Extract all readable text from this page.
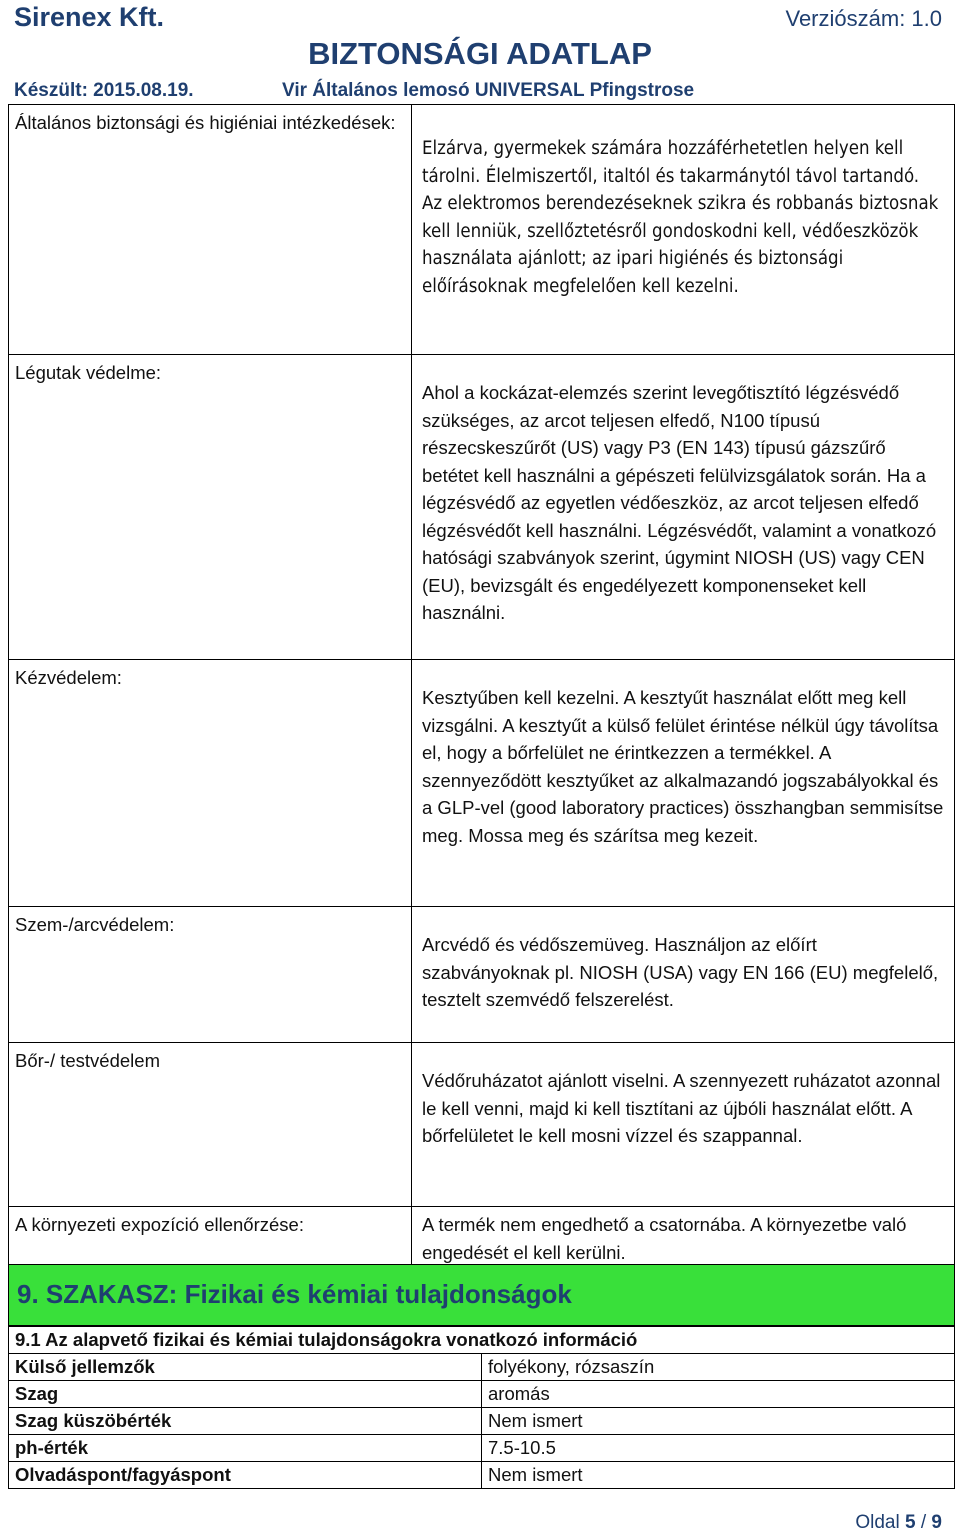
Sirenex Kft.	Verziószám: 1.0
BIZTONSÁGI ADATLAP
Készült: 2015.08.19.	Vir Általános lemosó UNIVERSAL Pfingstrose
Általános biztonsági és higiéniai intézkedések:	Elzárva, gyermekek számára hozzáférhetetlen helyen kell tárolni. Élelmiszertől, italtól és takarmánytól távol tartandó. Az elektromos berendezéseknek szikra és robbanás biztosnak kell lenniük, szellőztetésről gondoskodni kell, védőeszközök használata ajánlott; az ipari higiénés és biztonsági előírásoknak megfelelően kell kezelni.
Légutak védelme:	Ahol a kockázat-elemzés szerint levegőtisztító légzésvédő szükséges, az arcot teljesen elfedő, N100 típusú részecskeszűrőt (US) vagy P3 (EN 143) típusú gázszűrő betétet kell használni a gépészeti felülvizsgálatok során. Ha a légzésvédő az egyetlen védőeszköz, az arcot teljesen elfedő légzésvédőt kell használni. Légzésvédőt, valamint a vonatkozó hatósági szabványok szerint, úgymint NIOSH (US) vagy CEN (EU), bevizsgált és engedélyezett komponenseket kell használni.
Kézvédelem:	Kesztyűben kell kezelni. A kesztyűt használat előtt meg kell vizsgálni. A kesztyűt a külső felület érintése nélkül úgy távolítsa el, hogy a bőrfelület ne érintkezzen a termékkel. A szennyeződött kesztyűket az alkalmazandó jogszabályokkal és a GLP-vel (good laboratory practices) összhangban semmisítse meg. Mossa meg és szárítsa meg kezeit.
Szem-/arcvédelem:	Arcvédő és védőszemüveg. Használjon az előírt szabványoknak pl. NIOSH (USA) vagy EN 166 (EU) megfelelő, tesztelt szemvédő felszerelést.
Bőr-/ testvédelem	Védőruházatot ajánlott viselni. A szennyezett ruházatot azonnal le kell venni, majd ki kell tisztítani az újbóli használat előtt. A bőrfelületet le kell mosni vízzel és szappannal.
A környezeti expozíció ellenőrzése:	A termék nem engedhető a csatornába. A környezetbe való engedését el kell kerülni.
9. SZAKASZ: Fizikai és kémiai tulajdonságok
9.1 Az alapvető fizikai és kémiai tulajdonságokra vonatkozó információ	
Külső jellemzők	folyékony, rózsaszín
Szag	aromás
Szag küszöbérték	Nem ismert
ph-érték	7.5-10.5
Olvadáspont/fagyáspont	Nem ismert
Oldal 5 / 9
